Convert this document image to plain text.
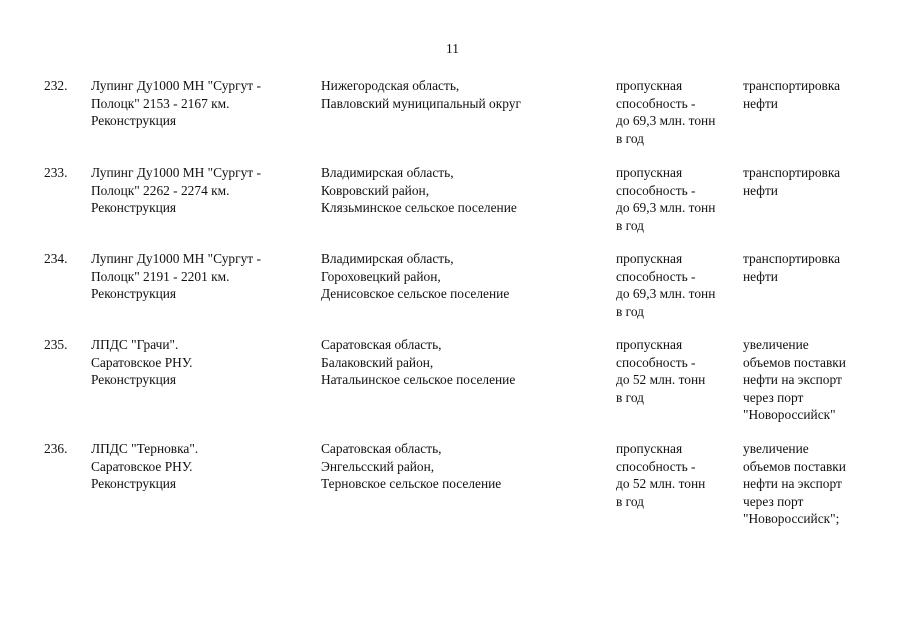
11
232. Лупинг Ду1000 МН "Сургут -
Полоцк" 2153 - 2167 км.
Реконструкция
Нижегородская область,
Павловский муниципальный округ
пропускная
способность -
до 69,3 млн. тонн
в год
транспортировка
нефти
233. Лупинг Ду1000 МН "Сургут -
Полоцк" 2262 - 2274 км.
Реконструкция
Владимирская область,
Ковровский район,
Клязьминское сельское поселение
пропускная
способность -
до 69,3 млн. тонн
в год
транспортировка
нефти
234. Лупинг Ду1000 МН "Сургут -
Полоцк" 2191 - 2201 км.
Реконструкция
Владимирская область,
Гороховецкий район,
Денисовское сельское поселение
пропускная
способность -
до 69,3 млн. тонн
в год
транспортировка
нефти
235. ЛПДС "Грачи".
Саратовское РНУ.
Реконструкция
Саратовская область,
Балаковский район,
Натальинское сельское поселение
пропускная
способность -
до 52 млн. тонн
в год
увеличение
объемов поставки
нефти на экспорт
через порт
"Новороссийск"
236. ЛПДС "Терновка".
Саратовское РНУ.
Реконструкция
Саратовская область,
Энгельсский район,
Терновское сельское поселение
пропускная
способность -
до 52 млн. тонн
в год
увеличение
объемов поставки
нефти на экспорт
через порт
"Новороссийск";
